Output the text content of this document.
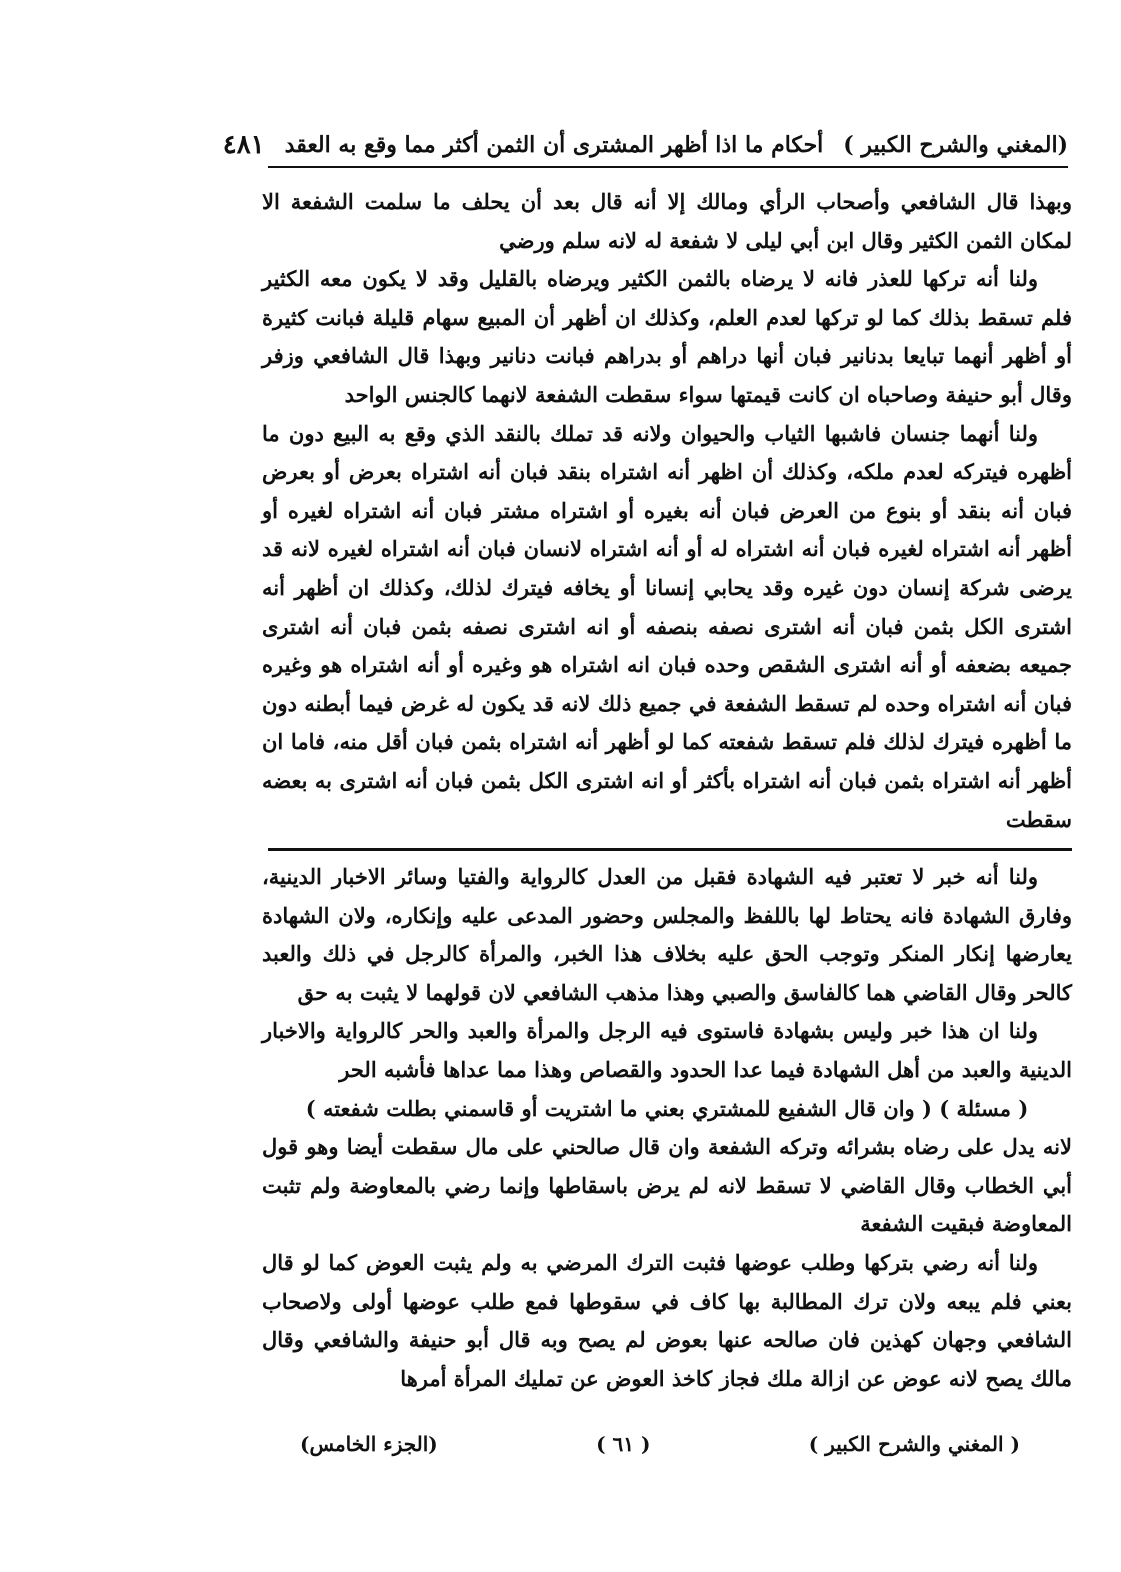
(المغني والشرح الكبير )
أحكام ما اذا أظهر المشترى أن الثمن أكثر مما وقع به العقد
٤٨١

وبهذا قال الشافعي وأصحاب الرأي ومالك إلا أنه قال بعد أن يحلف ما سلمت الشفعة الا لمكان الثمن الكثير وقال ابن أبي ليلى لا شفعة له لانه سلم ورضي

ولنا أنه تركها للعذر فانه لا يرضاه بالثمن الكثير ويرضاه بالقليل وقد لا يكون معه الكثير فلم تسقط بذلك كما لو تركها لعدم العلم، وكذلك ان أظهر أن المبيع سهام قليلة فبانت كثيرة أو أظهر أنهما تبايعا بدنانير فبان أنها دراهم أو بدراهم فبانت دنانير وبهذا قال الشافعي وزفر وقال أبو حنيفة وصاحباه ان كانت قيمتها سواء سقطت الشفعة لانهما كالجنس الواحد

ولنا أنهما جنسان فاشبها الثياب والحيوان ولانه قد تملك بالنقد الذي وقع به البيع دون ما أظهره فيتركه لعدم ملكه، وكذلك أن اظهر أنه اشتراه بنقد فبان أنه اشتراه بعرض أو بعرض فبان أنه بنقد أو بنوع من العرض فبان أنه بغيره أو اشتراه مشتر فبان أنه اشتراه لغيره أو أظهر أنه اشتراه لغيره فبان أنه اشتراه له أو أنه اشتراه لانسان فبان أنه اشتراه لغيره لانه قد يرضى شركة إنسان دون غيره وقد يحابي إنسانا أو يخافه فيترك لذلك، وكذلك ان أظهر أنه اشترى الكل بثمن فبان أنه اشترى نصفه بنصفه أو انه اشترى نصفه بثمن فبان أنه اشترى جميعه بضعفه أو أنه اشترى الشقص وحده فبان انه اشتراه هو وغيره أو أنه اشتراه هو وغيره فبان أنه اشتراه وحده لم تسقط الشفعة في جميع ذلك لانه قد يكون له غرض فيما أبطنه دون ما أظهره فيترك لذلك فلم تسقط شفعته كما لو أظهر أنه اشتراه بثمن فبان أقل منه، فاما ان أظهر أنه اشتراه بثمن فبان أنه اشتراه بأكثر أو انه اشترى الكل بثمن فبان أنه اشترى به بعضه سقطت

ولنا أنه خبر لا تعتبر فيه الشهادة فقبل من العدل كالرواية والفتيا وسائر الاخبار الدينية، وفارق الشهادة فانه يحتاط لها باللفظ والمجلس وحضور المدعى عليه وإنكاره، ولان الشهادة يعارضها إنكار المنكر وتوجب الحق عليه بخلاف هذا الخبر، والمرأة كالرجل في ذلك والعبد كالحر وقال القاضي هما كالفاسق والصبي وهذا مذهب الشافعي لان قولهما لا يثبت به حق

ولنا ان هذا خبر وليس بشهادة فاستوى فيه الرجل والمرأة والعبد والحر كالرواية والاخبار الدينية والعبد من أهل الشهادة فيما عدا الحدود والقصاص وهذا مما عداها فأشبه الحر

( مسئلة ) ( وان قال الشفيع للمشتري بعني ما اشتريت أو قاسمني بطلت شفعته )

لانه يدل على رضاه بشرائه وتركه الشفعة وان قال صالحني على مال سقطت أيضا وهو قول أبي الخطاب وقال القاضي لا تسقط لانه لم يرض باسقاطها وإنما رضي بالمعاوضة ولم تثبت المعاوضة فبقيت الشفعة

ولنا أنه رضي بتركها وطلب عوضها فثبت الترك المرضي به ولم يثبت العوض كما لو قال بعني فلم يبعه ولان ترك المطالبة بها كاف في سقوطها فمع طلب عوضها أولى ولاصحاب الشافعي وجهان كهذين فان صالحه عنها بعوض لم يصح وبه قال أبو حنيفة والشافعي وقال مالك يصح لانه عوض عن ازالة ملك فجاز كاخذ العوض عن تمليك المرأة أمرها

( المغني والشرح الكبير )
( ٦١ )
(الجزء الخامس)
